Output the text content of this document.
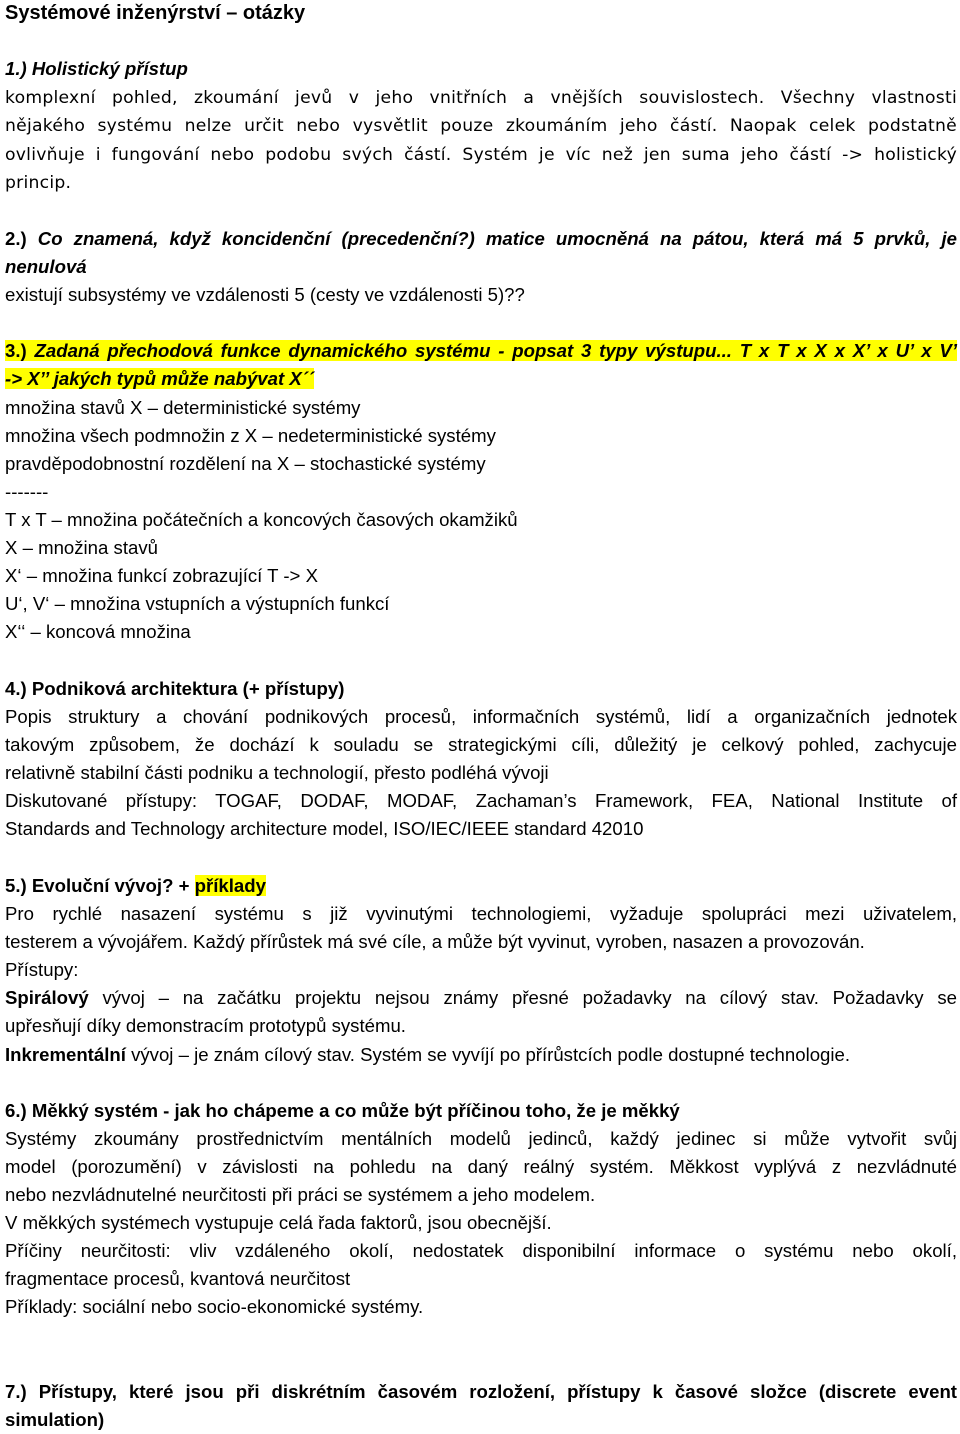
Systémové inženýrství – otázky
1.) Holistický přístup
komplexní pohled, zkoumání jevů v jeho vnitřních a vnějších souvislostech. Všechny vlastnosti
nějakého systému nelze určit nebo vysvětlit pouze zkoumáním jeho částí. Naopak celek podstatně
ovlivňuje i fungování nebo podobu svých částí. Systém je víc než jen suma jeho částí -> holistický
princip.
2.) Co znamená, když koncidenční (precedenční?) matice umocněná na pátou, která má 5 prvků, je
nenulová
existují subsystémy ve vzdálenosti 5 (cesty ve vzdálenosti 5)??
3.) Zadaná přechodová funkce dynamického systému - popsat 3 typy výstupu... T x T x X x X’ x U’ x V’
-> X’’ jakých typů může nabývat X´´
množina stavů X – deterministické systémy
množina všech podmnožin z X – nedeterministické systémy
pravděpodobnostní rozdělení na X – stochastické systémy
-------
T x T – množina počátečních a koncových časových okamžiků
X – množina stavů
X‘ – množina funkcí zobrazující T -> X
U‘, V‘ – množina vstupních a výstupních funkcí
X‘‘ – koncová množina
4.) Podniková architektura (+ přístupy)
Popis struktury a chování podnikových procesů, informačních systémů, lidí a organizačních jednotek
takovým způsobem, že dochází k souladu se strategickými cíli, důležitý je celkový pohled, zachycuje
relativně stabilní části podniku a technologií, přesto podléhá vývoji
Diskutované přístupy: TOGAF, DODAF, MODAF, Zachaman’s Framework, FEA, National Institute of
Standards and Technology architecture model, ISO/IEC/IEEE standard 42010
5.) Evoluční vývoj? + příklady
Pro rychlé nasazení systému s již vyvinutými technologiemi, vyžaduje spolupráci mezi uživatelem,
testerem a vývojářem. Každý přírůstek má své cíle, a může být vyvinut, vyroben, nasazen a provozován.
Přístupy:
Spirálový vývoj – na začátku projektu nejsou známy přesné požadavky na cílový stav. Požadavky se
upřesňují díky demonstracím prototypů systému.
Inkrementální vývoj – je znám cílový stav. Systém se vyvíjí po přírůstcích podle dostupné technologie.
6.) Měkký systém - jak ho chápeme a co může být příčinou toho, že je měkký
Systémy zkoumány prostřednictvím mentálních modelů jedinců, každý jedinec si může vytvořit svůj
model (porozumění) v závislosti na pohledu na daný reálný systém. Měkkost vyplývá z nezvládnuté
nebo nezvládnutelné neurčitosti při práci se systémem a jeho modelem.
V měkkých systémech vystupuje celá řada faktorů, jsou obecnější.
Příčiny neurčitosti: vliv vzdáleného okolí, nedostatek disponibilní informace o systému nebo okolí,
fragmentace procesů, kvantová neurčitost
Příklady: sociální nebo socio-ekonomické systémy.
7.) Přístupy, které jsou při diskrétním časovém rozložení, přístupy k časové složce (discrete event
simulation)
